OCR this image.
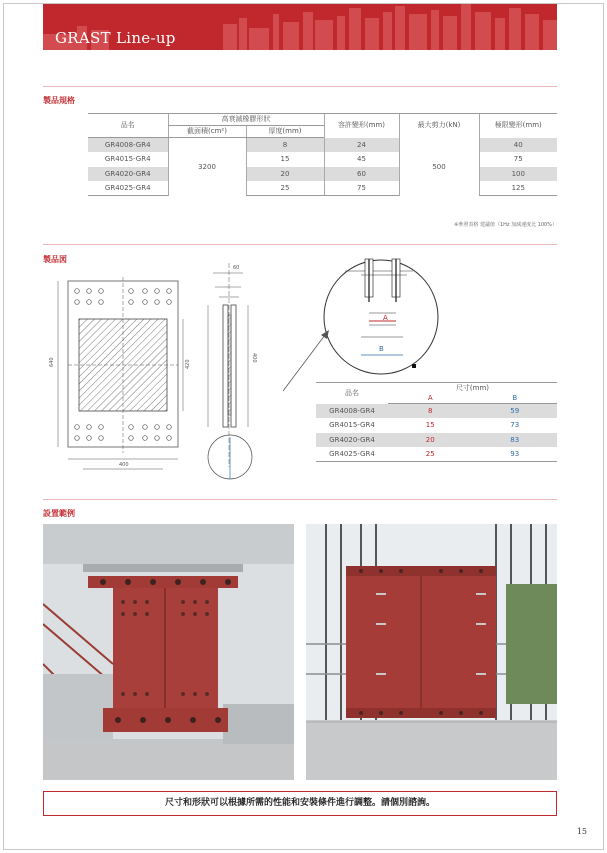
GRAST Line-up
製品規格
品名	高衰減橡膠形狀		容許變形(mm)	最大剪力(kN)	極限變形(mm)
	截面積(cm²)	厚度(mm)			
GR4008-GR4	3200	8	24	500	40
GR4015-GR4		15	45		75
GR4020-GR4		20	60		100
GR4025-GR4		25	75		125
※參照表格 建議值（1Hz 加減速度比 100%）
製品図
400
640	420
400
60
A
B
品名	尺寸(mm)	
	A	B
GR4008-GR4	8	59
GR4015-GR4	15	73
GR4020-GR4	20	83
GR4025-GR4	25	93
設置範例
尺寸和形狀可以根據所需的性能和安裝條件進行調整。請個別諮詢。
15
